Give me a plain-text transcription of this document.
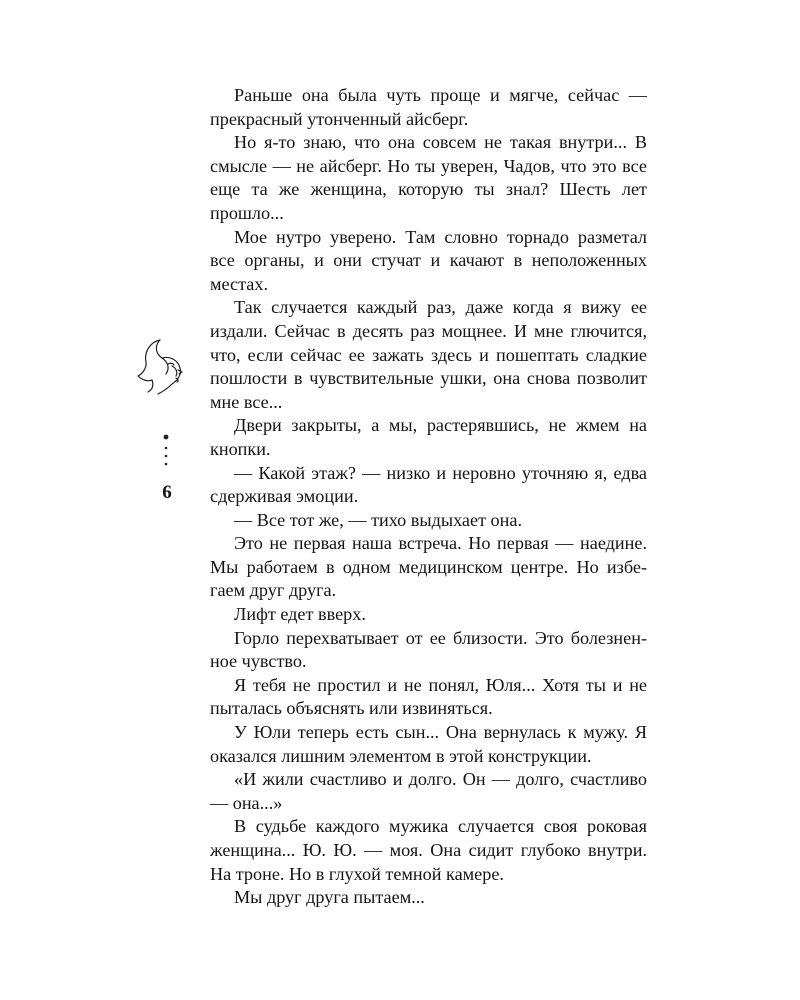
6

Раньше она была чуть проще и мягче, сейчас — прекрасный утонченный айсберг.

Но я-то знаю, что она совсем не такая внутри... В смысле — не айсберг. Но ты уверен, Чадов, что это все еще та же женщина, которую ты знал? Шесть лет прошло...

Мое нутро уверено. Там словно торнадо разметал все органы, и они стучат и качают в неположенных местах.

Так случается каждый раз, даже когда я вижу ее издали. Сейчас в десять раз мощнее. И мне глючится, что, если сейчас ее зажать здесь и пошептать сладкие пошлости в чувствительные ушки, она снова позволит мне все...

Двери закрыты, а мы, растерявшись, не жмем на кнопки.

— Какой этаж? — низко и неровно уточняю я, едва сдерживая эмоции.

— Все тот же, — тихо выдыхает она.

Это не первая наша встреча. Но первая — наедине. Мы работаем в одном медицинском центре. Но избегаем друг друга.

Лифт едет вверх.

Горло перехватывает от ее близости. Это болезненное чувство.

Я тебя не простил и не понял, Юля... Хотя ты и не пыталась объяснять или извиняться.

У Юли теперь есть сын... Она вернулась к мужу. Я оказался лишним элементом в этой конструкции.

«И жили счастливо и долго. Он — долго, счастливо — она...»

В судьбе каждого мужика случается своя роковая женщина... Ю. Ю. — моя. Она сидит глубоко внутри. На троне. Но в глухой темной камере.

Мы друг друга пытаем...
